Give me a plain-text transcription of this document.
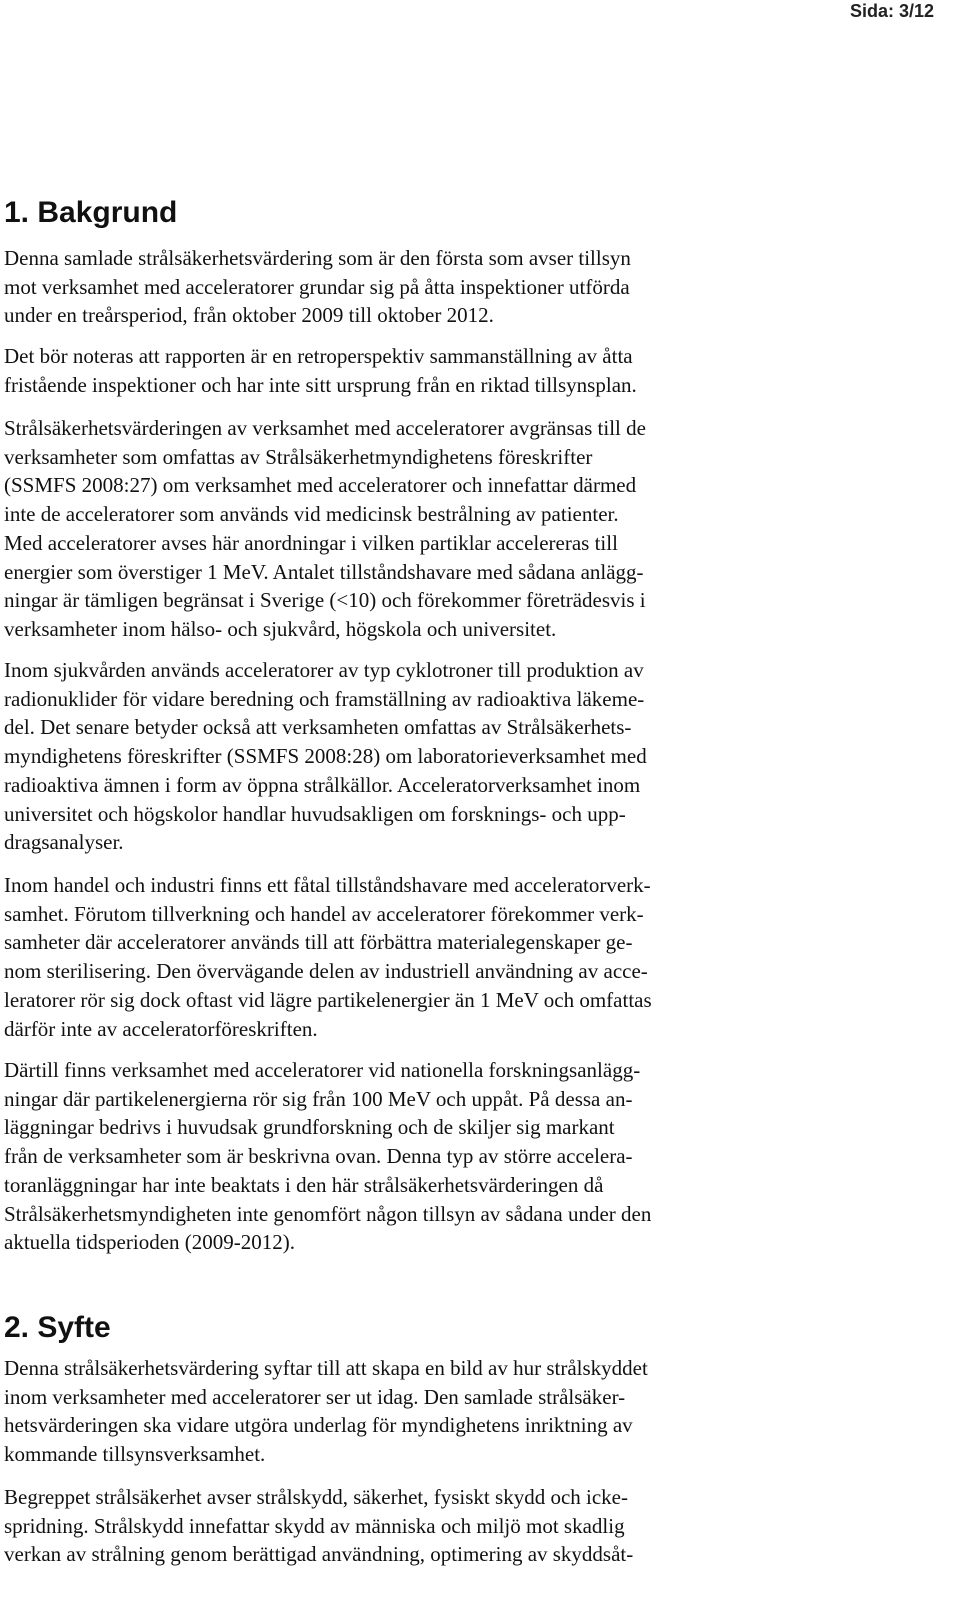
Sida: 3/12
1. Bakgrund

Denna samlade strålsäkerhetsvärdering som är den första som avser tillsyn
mot verksamhet med acceleratorer grundar sig på åtta inspektioner utförda
under en treårsperiod, från oktober 2009 till oktober 2012.

Det bör noteras att rapporten är en retroperspektiv sammanställning av åtta
fristående inspektioner och har inte sitt ursprung från en riktad tillsynsplan.

Strålsäkerhetsvärderingen av verksamhet med acceleratorer avgränsas till de
verksamheter som omfattas av Strålsäkerhetmyndighetens föreskrifter
(SSMFS 2008:27) om verksamhet med acceleratorer och innefattar därmed
inte de acceleratorer som används vid medicinsk bestrålning av patienter.
Med acceleratorer avses här anordningar i vilken partiklar accelereras till
energier som överstiger 1 MeV. Antalet tillståndshavare med sådana anlägg-
ningar är tämligen begränsat i Sverige (<10) och förekommer företrädesvis i
verksamheter inom hälso- och sjukvård, högskola och universitet.

Inom sjukvården används acceleratorer av typ cyklotroner till produktion av
radionuklider för vidare beredning och framställning av radioaktiva läkeme-
del. Det senare betyder också att verksamheten omfattas av Strålsäkerhets-
myndighetens föreskrifter (SSMFS 2008:28) om laboratorieverksamhet med
radioaktiva ämnen i form av öppna strålkällor. Acceleratorverksamhet inom
universitet och högskolor handlar huvudsakligen om forsknings- och upp-
dragsanalyser.

Inom handel och industri finns ett fåtal tillståndshavare med acceleratorverk-
samhet. Förutom tillverkning och handel av acceleratorer förekommer verk-
samheter där acceleratorer används till att förbättra materialegenskaper ge-
nom sterilisering. Den övervägande delen av industriell användning av acce-
leratorer rör sig dock oftast vid lägre partikelenergier än 1 MeV och omfattas
därför inte av acceleratorföreskriften.

Därtill finns verksamhet med acceleratorer vid nationella forskningsanlägg-
ningar där partikelenergierna rör sig från 100 MeV och uppåt. På dessa an-
läggningar bedrivs i huvudsak grundforskning och de skiljer sig markant
från de verksamheter som är beskrivna ovan. Denna typ av större accelera-
toranläggningar har inte beaktats i den här strålsäkerhetsvärderingen då
Strålsäkerhetsmyndigheten inte genomfört någon tillsyn av sådana under den
aktuella tidsperioden (2009-2012).

2. Syfte

Denna strålsäkerhetsvärdering syftar till att skapa en bild av hur strålskyddet
inom verksamheter med acceleratorer ser ut idag. Den samlade strålsäker-
hetsvärderingen ska vidare utgöra underlag för myndighetens inriktning av
kommande tillsynsverksamhet.

Begreppet strålsäkerhet avser strålskydd, säkerhet, fysiskt skydd och icke-
spridning. Strålskydd innefattar skydd av människa och miljö mot skadlig
verkan av strålning genom berättigad användning, optimering av skyddsåt-
